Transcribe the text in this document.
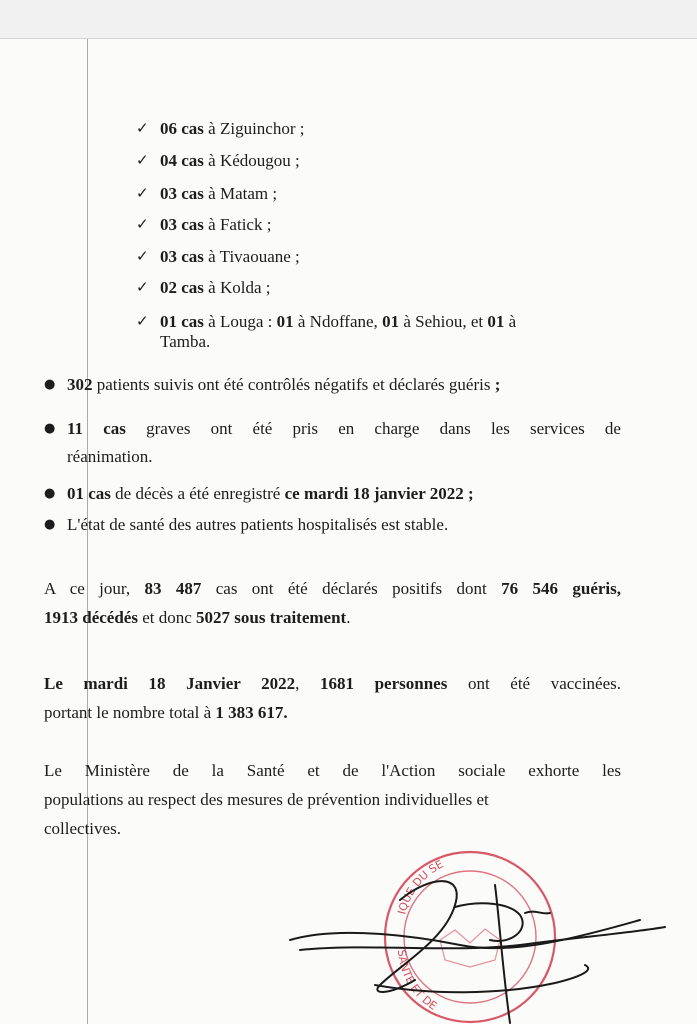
✓ 06 cas à Ziguinchor ;
✓ 04 cas à Kédougou ;
✓ 03 cas à Matam ;
✓ 03 cas à Fatick ;
✓ 03 cas à Tivaouane ;
✓ 02 cas à Kolda ;
✓ 01 cas à Louga : 01 à Ndoffane, 01 à Sehiou, et 01 à
Tamba.
● 302 patients suivis ont été contrôlés négatifs et déclarés guéris ;
● 11 cas graves ont été pris en charge dans les services de
réanimation.
● 01 cas de décès a été enregistré ce mardi 18 janvier 2022 ;
● L'état de santé des autres patients hospitalisés est stable.
A ce jour, 83 487 cas ont été déclarés positifs dont 76 546 guéris,
1913 décédés et donc 5027 sous traitement.
Le mardi 18 Janvier 2022, 1681 personnes ont été vaccinées.
portant le nombre total à 1 383 617.
Le Ministère de la Santé et de l'Action sociale exhorte les
populations au respect des mesures de prévention individuelles et
collectives.
IQUE DU SE
SANTE ET DE
